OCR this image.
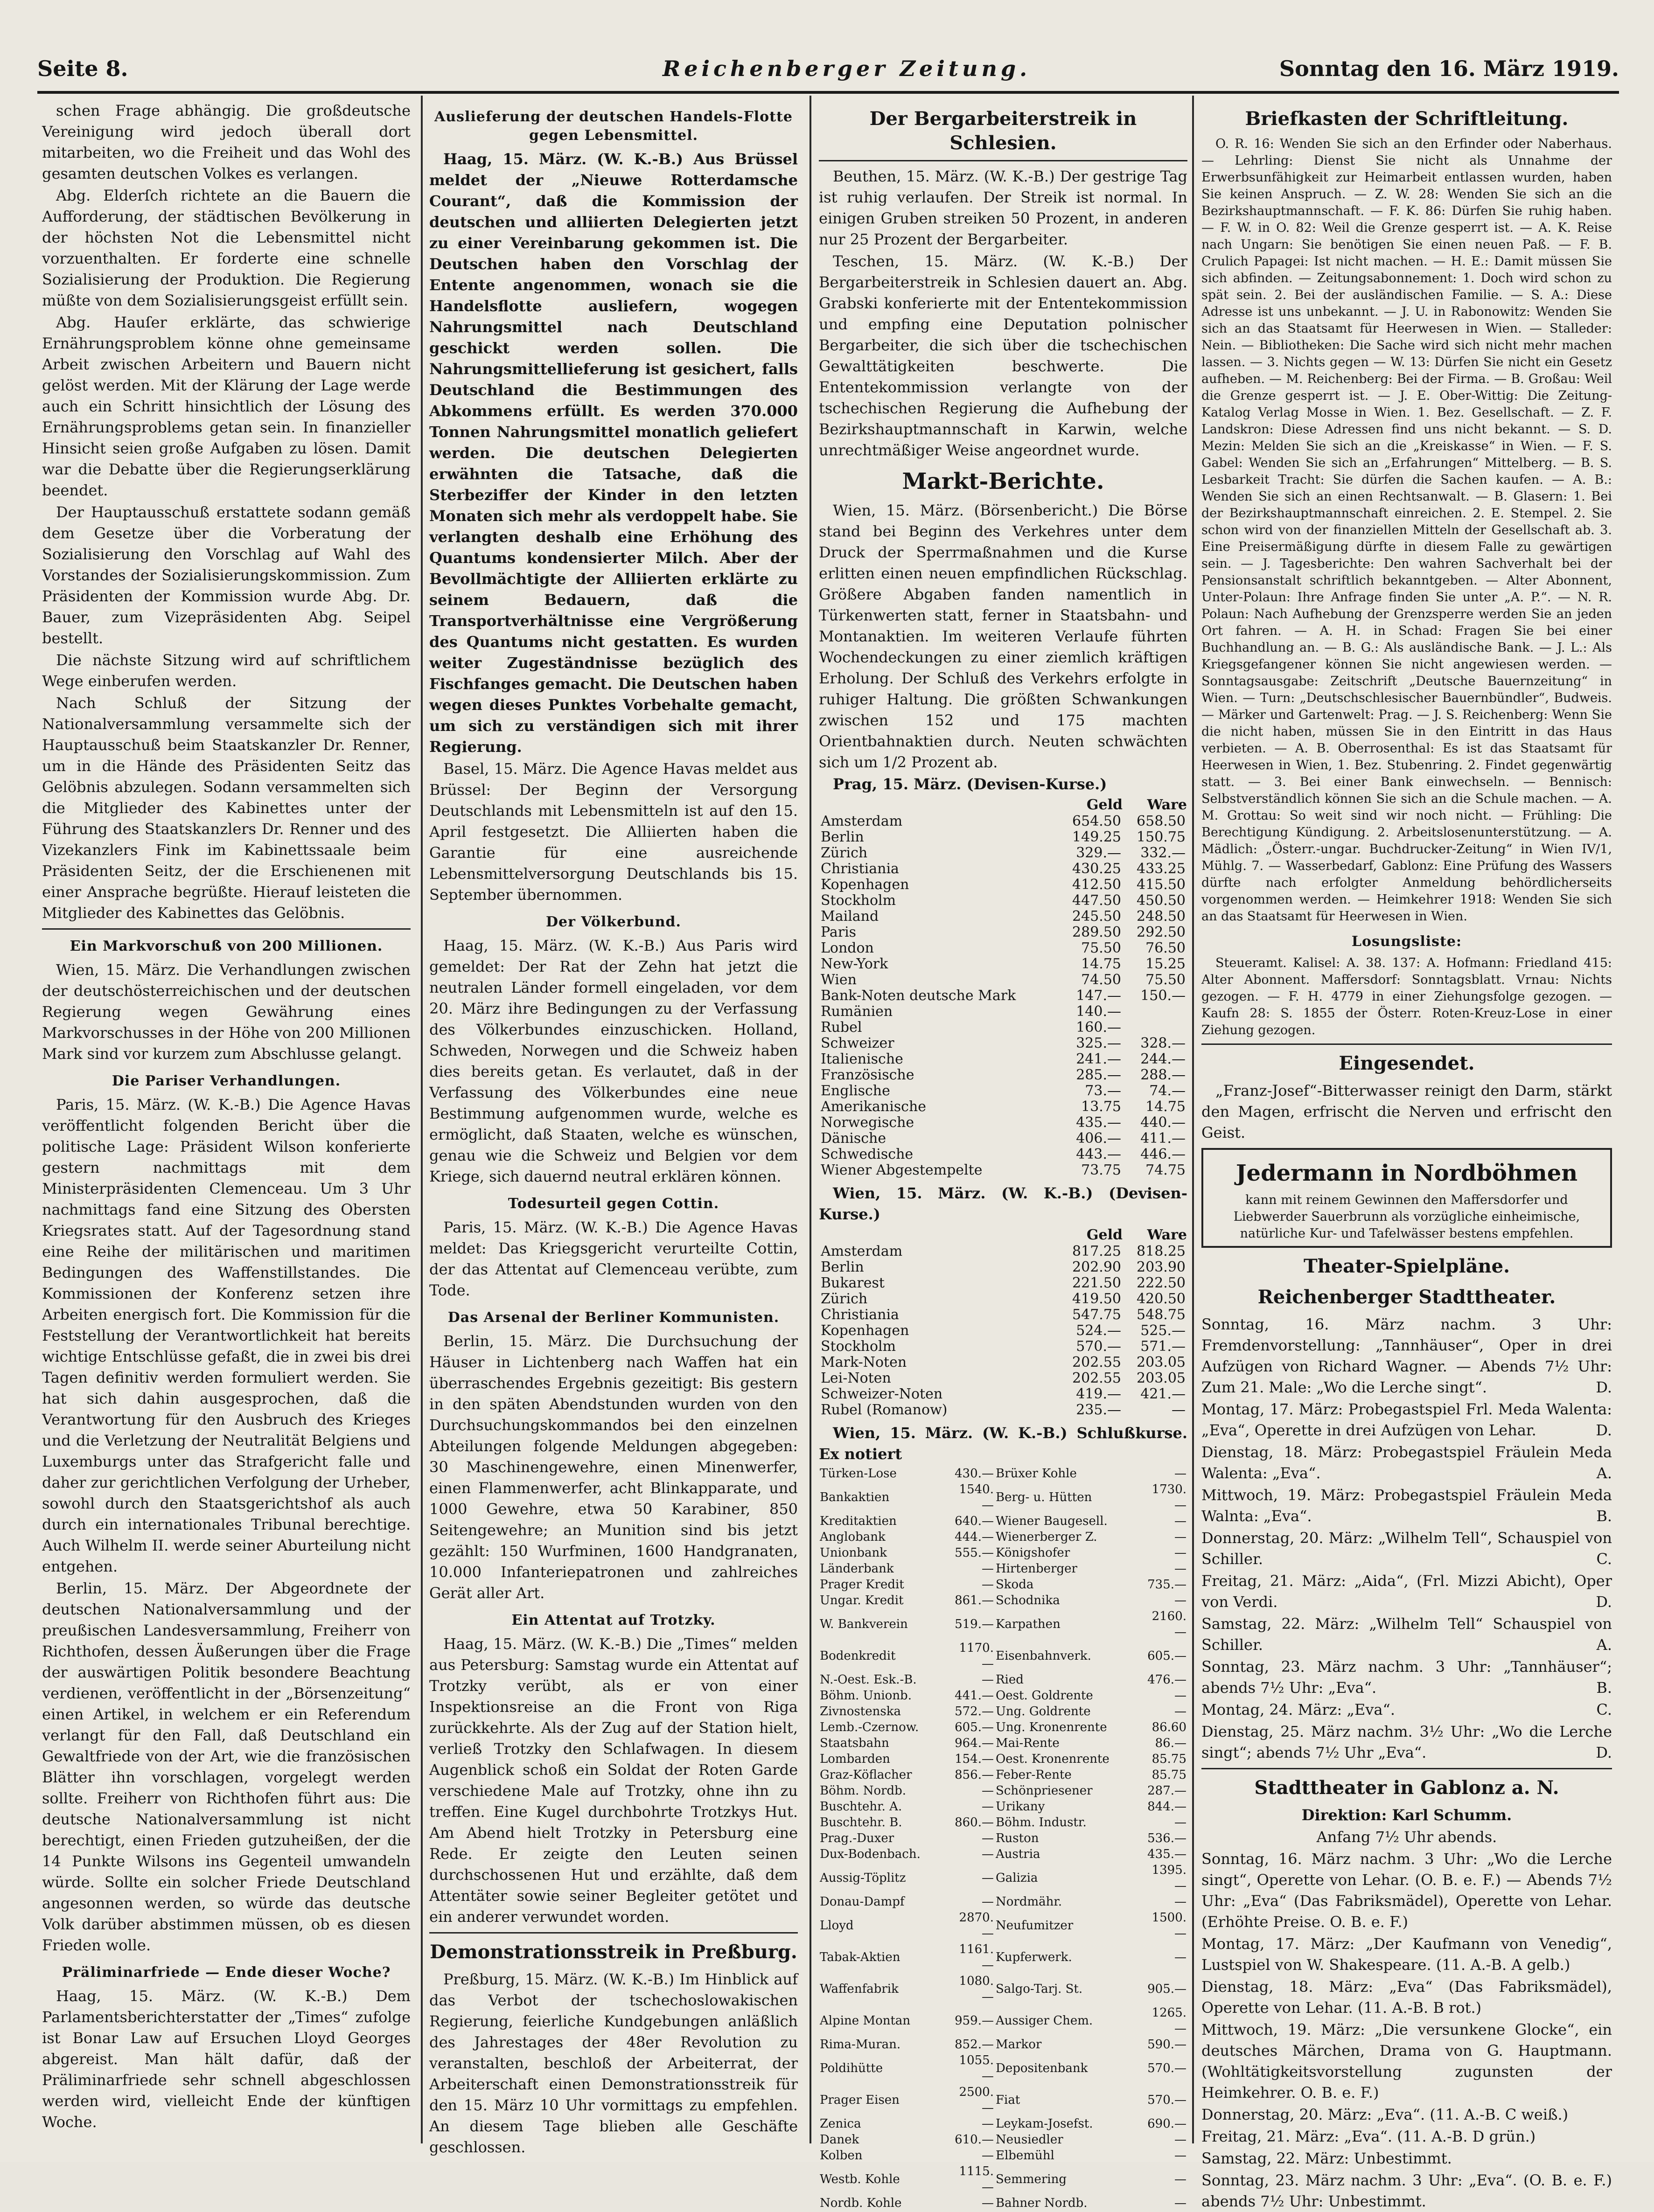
Seite 8.	Reichenberger Zeitung.	Sonntag den 16. März 1919.

schen Frage abhängig. Die großdeutsche Vereinigung wird jedoch überall dort mitarbeiten, wo die Freiheit und das Wohl des gesamten deutschen Volkes es verlangen.

Abg. Elderſch richtete an die Bauern die Aufforderung, der städtischen Bevölkerung in der höchsten Not die Lebensmittel nicht vorzuenthalten. Er forderte eine schnelle Sozialisierung der Produktion. Die Regierung müßte von dem Sozialisierungsgeist erfüllt sein.

Abg. Hauſer erklärte, das schwierige Ernährungsproblem könne ohne gemeinsame Arbeit zwischen Arbeitern und Bauern nicht gelöst werden. Mit der Klärung der Lage werde auch ein Schritt hinsichtlich der Lösung des Ernährungsproblems getan sein. In finanzieller Hinsicht seien große Aufgaben zu lösen. Damit war die Debatte über die Regierungserklärung beendet.

Der Hauptausschuß erstattete sodann gemäß dem Gesetze über die Vorberatung der Sozialisierung den Vorschlag auf Wahl des Vorstandes der Sozialisierungskommission. Zum Präsidenten der Kommission wurde Abg. Dr. Bauer, zum Vizepräsidenten Abg. Seipel bestellt.

Die nächste Sitzung wird auf schriftlichem Wege einberufen werden.

Nach Schluß der Sitzung der Nationalversammlung versammelte sich der Hauptausschuß beim Staatskanzler Dr. Renner, um in die Hände des Präsidenten Seitz das Gelöbnis abzulegen. Sodann versammelten sich die Mitglieder des Kabinettes unter der Führung des Staatskanzlers Dr. Renner und des Vizekanzlers Fink im Kabinettssaale beim Präsidenten Seitz, der die Erschienenen mit einer Ansprache begrüßte. Hierauf leisteten die Mitglieder des Kabinettes das Gelöbnis.

Ein Markvorschuß von 200 Millionen.

Wien, 15. März. Die Verhandlungen zwischen der deutschösterreichischen und der deutschen Regierung wegen Gewährung eines Markvorschusses in der Höhe von 200 Millionen Mark sind vor kurzem zum Abschlusse gelangt.

Die Pariser Verhandlungen.

Paris, 15. März. (W. K.-B.) Die Agence Havas veröffentlicht folgenden Bericht über die politische Lage: Präsident Wilson konferierte gestern nachmittags mit dem Ministerpräsidenten Clemenceau. Um 3 Uhr nachmittags fand eine Sitzung des Obersten Kriegsrates statt. Auf der Tagesordnung stand eine Reihe der militärischen und maritimen Bedingungen des Waffenstillstandes. Die Kommissionen der Konferenz setzen ihre Arbeiten energisch fort. Die Kommission für die Feststellung der Verantwortlichkeit hat bereits wichtige Entschlüsse gefaßt, die in zwei bis drei Tagen definitiv werden formuliert werden. Sie hat sich dahin ausgesprochen, daß die Verantwortung für den Ausbruch des Krieges und die Verletzung der Neutralität Belgiens und Luxemburgs unter das Strafgericht falle und daher zur gerichtlichen Verfolgung der Urheber, sowohl durch den Staatsgerichtshof als auch durch ein internationales Tribunal berechtige. Auch Wilhelm II. werde seiner Aburteilung nicht entgehen.

Berlin, 15. März. Der Abgeordnete der deutschen Nationalversammlung und der preußischen Landesversammlung, Freiherr von Richthofen, dessen Äußerungen über die Frage der auswärtigen Politik besondere Beachtung verdienen, veröffentlicht in der „Börsenzeitung“ einen Artikel, in welchem er ein Referendum verlangt für den Fall, daß Deutschland ein Gewaltfriede von der Art, wie die französischen Blätter ihn vorschlagen, vorgelegt werden sollte. Freiherr von Richthofen führt aus: Die deutsche Nationalversammlung ist nicht berechtigt, einen Frieden gutzuheißen, der die 14 Punkte Wilsons ins Gegenteil umwandeln würde. Sollte ein solcher Friede Deutschland angesonnen werden, so würde das deutsche Volk darüber abstimmen müssen, ob es diesen Frieden wolle.

Präliminarfriede — Ende dieser Woche?

Haag, 15. März. (W. K.-B.) Dem Parlamentsberichterstatter der „Times“ zufolge ist Bonar Law auf Ersuchen Lloyd Georges abgereist. Man hält dafür, daß der Präliminarfriede sehr schnell abgeschlossen werden wird, vielleicht Ende der künftigen Woche.

Auslieferung der deutschen Handels-Flotte gegen Lebensmittel.

Haag, 15. März. (W. K.-B.) Aus Brüssel meldet der „Nieuwe Rotterdamsche Courant“, daß die Kommission der deutschen und alliierten Delegierten jetzt zu einer Vereinbarung gekommen ist. Die Deutschen haben den Vorschlag der Entente angenommen, wonach sie die Handelsflotte ausliefern, wogegen Nahrungsmittel nach Deutschland geschickt werden sollen. Die Nahrungsmittellieferung ist gesichert, falls Deutschland die Bestimmungen des Abkommens erfüllt. Es werden 370.000 Tonnen Nahrungsmittel monatlich geliefert werden. Die deutschen Delegierten erwähnten die Tatsache, daß die Sterbeziffer der Kinder in den letzten Monaten sich mehr als verdoppelt habe. Sie verlangten deshalb eine Erhöhung des Quantums kondensierter Milch. Aber der Bevollmächtigte der Alliierten erklärte zu seinem Bedauern, daß die Transportverhältnisse eine Vergrößerung des Quantums nicht gestatten. Es wurden weiter Zugeständnisse bezüglich des Fischfanges gemacht. Die Deutschen haben wegen dieses Punktes Vorbehalte gemacht, um sich zu verständigen sich mit ihrer Regierung.

Basel, 15. März. Die Agence Havas meldet aus Brüssel: Der Beginn der Versorgung Deutschlands mit Lebensmitteln ist auf den 15. April festgesetzt. Die Alliierten haben die Garantie für eine ausreichende Lebensmittelversorgung Deutschlands bis 15. September übernommen.

Der Völkerbund.

Haag, 15. März. (W. K.-B.) Aus Paris wird gemeldet: Der Rat der Zehn hat jetzt die neutralen Länder formell eingeladen, vor dem 20. März ihre Bedingungen zu der Verfassung des Völkerbundes einzuschicken. Holland, Schweden, Norwegen und die Schweiz haben dies bereits getan. Es verlautet, daß in der Verfassung des Völkerbundes eine neue Bestimmung aufgenommen wurde, welche es ermöglicht, daß Staaten, welche es wünschen, genau wie die Schweiz und Belgien vor dem Kriege, sich dauernd neutral erklären können.

Todesurteil gegen Cottin.

Paris, 15. März. (W. K.-B.) Die Agence Havas meldet: Das Kriegsgericht verurteilte Cottin, der das Attentat auf Clemenceau verübte, zum Tode.

Das Arsenal der Berliner Kommunisten.

Berlin, 15. März. Die Durchsuchung der Häuser in Lichtenberg nach Waffen hat ein überraschendes Ergebnis gezeitigt: Bis gestern in den späten Abendstunden wurden von den Durchsuchungskommandos bei den einzelnen Abteilungen folgende Meldungen abgegeben: 30 Maschinengewehre, einen Minenwerfer, einen Flammenwerfer, acht Blinkapparate, und 1000 Gewehre, etwa 50 Karabiner, 850 Seitengewehre; an Munition sind bis jetzt gezählt: 150 Wurfminen, 1600 Handgranaten, 10.000 Infanteriepatronen und zahlreiches Gerät aller Art.

Ein Attentat auf Trotzky.

Haag, 15. März. (W. K.-B.) Die „Times“ melden aus Petersburg: Samstag wurde ein Attentat auf Trotzky verübt, als er von einer Inspektionsreise an die Front von Riga zurückkehrte. Als der Zug auf der Station hielt, verließ Trotzky den Schlafwagen. In diesem Augenblick schoß ein Soldat der Roten Garde verschiedene Male auf Trotzky, ohne ihn zu treffen. Eine Kugel durchbohrte Trotzkys Hut. Am Abend hielt Trotzky in Petersburg eine Rede. Er zeigte den Leuten seinen durchschossenen Hut und erzählte, daß dem Attentäter sowie seiner Begleiter getötet und ein anderer verwundet worden.

Demonstrationsstreik in Preßburg.

Preßburg, 15. März. (W. K.-B.) Im Hinblick auf das Verbot der tschechoslowakischen Regierung, feierliche Kundgebungen anläßlich des Jahrestages der 48er Revolution zu veranstalten, beschloß der Arbeiterrat, der Arbeiterschaft einen Demonstrationsstreik für den 15. März 10 Uhr vormittags zu empfehlen. An diesem Tage blieben alle Geschäfte geschlossen.

Der Bergarbeiterstreik in Schlesien.

Beuthen, 15. März. (W. K.-B.) Der gestrige Tag ist ruhig verlaufen. Der Streik ist normal. In einigen Gruben streiken 50 Prozent, in anderen nur 25 Prozent der Bergarbeiter.

Teschen, 15. März. (W. K.-B.) Der Bergarbeiterstreik in Schlesien dauert an. Abg. Grabski konferierte mit der Ententekommission und empfing eine Deputation polnischer Bergarbeiter, die sich über die tschechischen Gewalttätigkeiten beschwerte. Die Ententekommission verlangte von der tschechischen Regierung die Aufhebung der Bezirkshauptmannschaft in Karwin, welche unrechtmäßiger Weise angeordnet wurde.

Markt-Berichte.

Wien, 15. März. (Börsenbericht.) Die Börse stand bei Beginn des Verkehres unter dem Druck der Sperrmaßnahmen und die Kurse erlitten einen neuen empfindlichen Rückschlag. Größere Abgaben fanden namentlich in Türkenwerten statt, ferner in Staatsbahn- und Montanaktien. Im weiteren Verlaufe führten Wochendeckungen zu einer ziemlich kräftigen Erholung. Der Schluß des Verkehrs erfolgte in ruhiger Haltung. Die größten Schwankungen zwischen 152 und 175 machten Orientbahnaktien durch. Neuten schwächten sich um 1/2 Prozent ab.

Prag, 15. März. (Devisen-Kurse.)

	Geld	Ware
Amsterdam	654.50	658.50
Berlin	149.25	150.75
Zürich	329.—	332.—
Christiania	430.25	433.25
Kopenhagen	412.50	415.50
Stockholm	447.50	450.50
Mailand	245.50	248.50
Paris	289.50	292.50
London	75.50	76.50
New-York	14.75	15.25
Wien	74.50	75.50
Bank-Noten deutsche Mark	147.—	150.—
Rumänien	140.—	
Rubel	160.—	
Schweizer	325.—	328.—
Italienische	241.—	244.—
Französische	285.—	288.—
Englische	73.—	74.—
Amerikanische	13.75	14.75
Norwegische	435.—	440.—
Dänische	406.—	411.—
Schwedische	443.—	446.—
Wiener Abgestempelte	73.75	74.75

Wien, 15. März. (W. K.-B.) (Devisen-Kurse.)

	Geld	Ware
Amsterdam	817.25	818.25
Berlin	202.90	203.90
Bukarest	221.50	222.50
Zürich	419.50	420.50
Christiania	547.75	548.75
Kopenhagen	524.—	525.—
Stockholm	570.—	571.—
Mark-Noten	202.55	203.05
Lei-Noten	202.55	203.05
Schweizer-Noten	419.—	421.—
Rubel (Romanow)	235.—	—

Wien, 15. März. (W. K.-B.) Schlußkurse. Ex notiert

Türken-Lose	430.—	Brüxer Kohle	—
Bankaktien	1540.—	Berg- u. Hütten	1730.—
Kreditaktien	640.—	Wiener Baugesell.	—
Anglobank	444.—	Wienerberger Z.	—
Unionbank	555.—	Königshofer	—
Länderbank	—	Hirtenberger	—
Prager Kredit	—	Skoda	735.—
Ungar. Kredit	861.—	Schodnika	—
W. Bankverein	519.—	Karpathen	2160.—
Bodenkredit	1170.—	Eisenbahnverk.	605.—
N.-Oest. Esk.-B.	—	Ried	476.—
Böhm. Unionb.	441.—	Oest. Goldrente	—
Zivnostenska	572.—	Ung. Goldrente	—
Lemb.-Czernow.	605.—	Ung. Kronenrente	86.60
Staatsbahn	964.—	Mai-Rente	86.—
Lombarden	154.—	Oest. Kronenrente	85.75
Graz-Köflacher	856.—	Feber-Rente	85.75
Böhm. Nordb.	—	Schönpriesener	287.—
Buschtehr. A.	—	Urikany	844.—
Buschtehr. B.	860.—	Böhm. Industr.	—
Prag.-Duxer	—	Ruston	536.—
Dux-Bodenbach.	—	Austria	435.—
Aussig-Töplitz	—	Galizia	1395.—
Donau-Dampf	—	Nordmähr.	—
Lloyd	2870.—	Neufumitzer	1500.—
Tabak-Aktien	1161.—	Kupferwerk.	—
Waffenfabrik	1080.—	Salgo-Tarj. St.	905.—
Alpine Montan	959.—	Aussiger Chem.	1265.—
Rima-Muran.	852.—	Markor	590.—
Poldihütte	1055.—	Depositenbank	570.—
Prager Eisen	2500.—	Fiat	570.—
Zenica	—	Leykam-Josefst.	690.—
Danek	610.—	Neusiedler	—
Kolben	—	Elbemühl	—
Westb. Kohle	1115.—	Semmering	—
Nordb. Kohle	—	Bahner Nordb.	—
Briefkasten der Schriftleitung.

O. R. 16: Wenden Sie sich an den Erfinder oder Naberhaus. — Lehrling: Dienst Sie nicht als Unnahme der Erwerbsunfähigkeit zur Heimarbeit entlassen wurden, haben Sie keinen Anspruch. — Z. W. 28: Wenden Sie sich an die Bezirkshauptmannschaft. — F. K. 86: Dürfen Sie ruhig haben. — F. W. in O. 82: Weil die Grenze gesperrt ist. — A. K. Reise nach Ungarn: Sie benötigen Sie einen neuen Paß. — F. B. Crulich Papagei: Ist nicht machen. — H. E.: Damit müssen Sie sich abfinden. — Zeitungsabonnement: 1. Doch wird schon zu spät sein. 2. Bei der ausländischen Familie. — S. A.: Diese Adresse ist uns unbekannt. — J. U. in Rabonowitz: Wenden Sie sich an das Staatsamt für Heerwesen in Wien. — Stalleder: Nein. — Bibliotheken: Die Sache wird sich nicht mehr machen lassen. — 3. Nichts gegen — W. 13: Dürfen Sie nicht ein Gesetz aufheben. — M. Reichenberg: Bei der Firma. — B. Großau: Weil die Grenze gesperrt ist. — J. E. Ober-Wittig: Die Zeitung-Katalog Verlag Mosse in Wien. 1. Bez. Gesellschaft. — Z. F. Landskron: Diese Adressen find uns nicht bekannt. — S. D. Mezin: Melden Sie sich an die „Kreiskasse“ in Wien. — F. S. Gabel: Wenden Sie sich an „Erfahrungen“ Mittelberg. — B. S. Lesbarkeit Tracht: Sie dürfen die Sachen kaufen. — A. B.: Wenden Sie sich an einen Rechtsanwalt. — B. Glasern: 1. Bei der Bezirkshauptmannschaft einreichen. 2. E. Stempel. 2. Sie schon wird von der finanziellen Mitteln der Gesellschaft ab. 3. Eine Preisermäßigung dürfte in diesem Falle zu gewärtigen sein. — J. Tagesberichte: Den wahren Sachverhalt bei der Pensionsanstalt schriftlich bekanntgeben. — Alter Abonnent, Unter-Polaun: Ihre Anfrage finden Sie unter „A. P.“. — N. R. Polaun: Nach Aufhebung der Grenzsperre werden Sie an jeden Ort fahren. — A. H. in Schad: Fragen Sie bei einer Buchhandlung an. — B. G.: Als ausländische Bank. — J. L.: Als Kriegsgefangener können Sie nicht angewiesen werden. — Sonntagsausgabe: Zeitschrift „Deutsche Bauernzeitung“ in Wien. — Turn: „Deutschschlesischer Bauernbündler“, Budweis. — Märker und Gartenwelt: Prag. — J. S. Reichenberg: Wenn Sie die nicht haben, müssen Sie in den Eintritt in das Haus verbieten. — A. B. Oberrosenthal: Es ist das Staatsamt für Heerwesen in Wien, 1. Bez. Stubenring. 2. Findet gegenwärtig statt. — 3. Bei einer Bank einwechseln. — Bennisch: Selbstverständlich können Sie sich an die Schule machen. — A. M. Grottau: So weit sind wir noch nicht. — Frühling: Die Berechtigung Kündigung. 2. Arbeitslosenunterstützung. — A. Mädlich: „Österr.-ungar. Buchdrucker-Zeitung“ in Wien IV/1, Mühlg. 7. — Wasserbedarf, Gablonz: Eine Prüfung des Wassers dürfte nach erfolgter Anmeldung behördlicherseits vorgenommen werden. — Heimkehrer 1918: Wenden Sie sich an das Staatsamt für Heerwesen in Wien.

Losungsliste:

Steueramt. Kalisel: A. 38. 137: A. Hofmann: Friedland 415: Alter Abonnent. Maffersdorf: Sonntagsblatt. Vrnau: Nichts gezogen. — F. H. 4779 in einer Ziehungsfolge gezogen. — Kaufn 28: S. 1855 der Österr. Roten-Kreuz-Lose in einer Ziehung gezogen.

Eingesendet.

„Franz-Josef“-Bitterwasser reinigt den Darm, stärkt den Magen, erfrischt die Nerven und erfrischt den Geist.

Jedermann in Nordböhmen

kann mit reinem Gewinnen den Maffersdorfer und Liebwerder Sauerbrunn als vorzügliche einheimische, natürliche Kur- und Tafelwässer bestens empfehlen.

Theater-Spielpläne.
Reichenberger Stadttheater.

Sonntag, 16. März nachm. 3 Uhr: Fremdenvorstellung: „Tannhäuser“, Oper in drei Aufzügen von Richard Wagner. — Abends 7½ Uhr: Zum 21. Male: „Wo die Lerche singt“.	D.

Montag, 17. März: Probegastspiel Frl. Meda Walenta: „Eva“, Operette in drei Aufzügen von Lehar.	D.

Dienstag, 18. März: Probegastspiel Fräulein Meda Walenta: „Eva“.	A.

Mittwoch, 19. März: Probegastspiel Fräulein Meda Walnta: „Eva“.	B.

Donnerstag, 20. März: „Wilhelm Tell“, Schauspiel von Schiller.	C.

Freitag, 21. März: „Aida“, (Frl. Mizzi Abicht), Oper von Verdi.	D.

Samstag, 22. März: „Wilhelm Tell“ Schauspiel von Schiller.	A.

Sonntag, 23. März nachm. 3 Uhr: „Tannhäuser“; abends 7½ Uhr: „Eva“.	B.

Montag, 24. März: „Eva“.	C.

Dienstag, 25. März nachm. 3½ Uhr: „Wo die Lerche singt“; abends 7½ Uhr „Eva“.	D.

Stadttheater in Gablonz a. N.

Direktion: Karl Schumm.

Anfang 7½ Uhr abends.

Sonntag, 16. März nachm. 3 Uhr: „Wo die Lerche singt“, Operette von Lehar. (O. B. e. F.) — Abends 7½ Uhr: „Eva“ (Das Fabriksmädel), Operette von Lehar. (Erhöhte Preise. O. B. e. F.)

Montag, 17. März: „Der Kaufmann von Venedig“, Lustspiel von W. Shakespeare. (11. A.-B. A gelb.)

Dienstag, 18. März: „Eva“ (Das Fabriksmädel), Operette von Lehar. (11. A.-B. B rot.)

Mittwoch, 19. März: „Die versunkene Glocke“, ein deutsches Märchen, Drama von G. Hauptmann. (Wohltätigkeitsvorstellung zugunsten der Heimkehrer. O. B. e. F.)

Donnerstag, 20. März: „Eva“. (11. A.-B. C weiß.)

Freitag, 21. März: „Eva“. (11. A.-B. D grün.)

Samstag, 22. März: Unbestimmt.

Sonntag, 23. März nachm. 3 Uhr: „Eva“. (O. B. e. F.) abends 7½ Uhr: Unbestimmt.
